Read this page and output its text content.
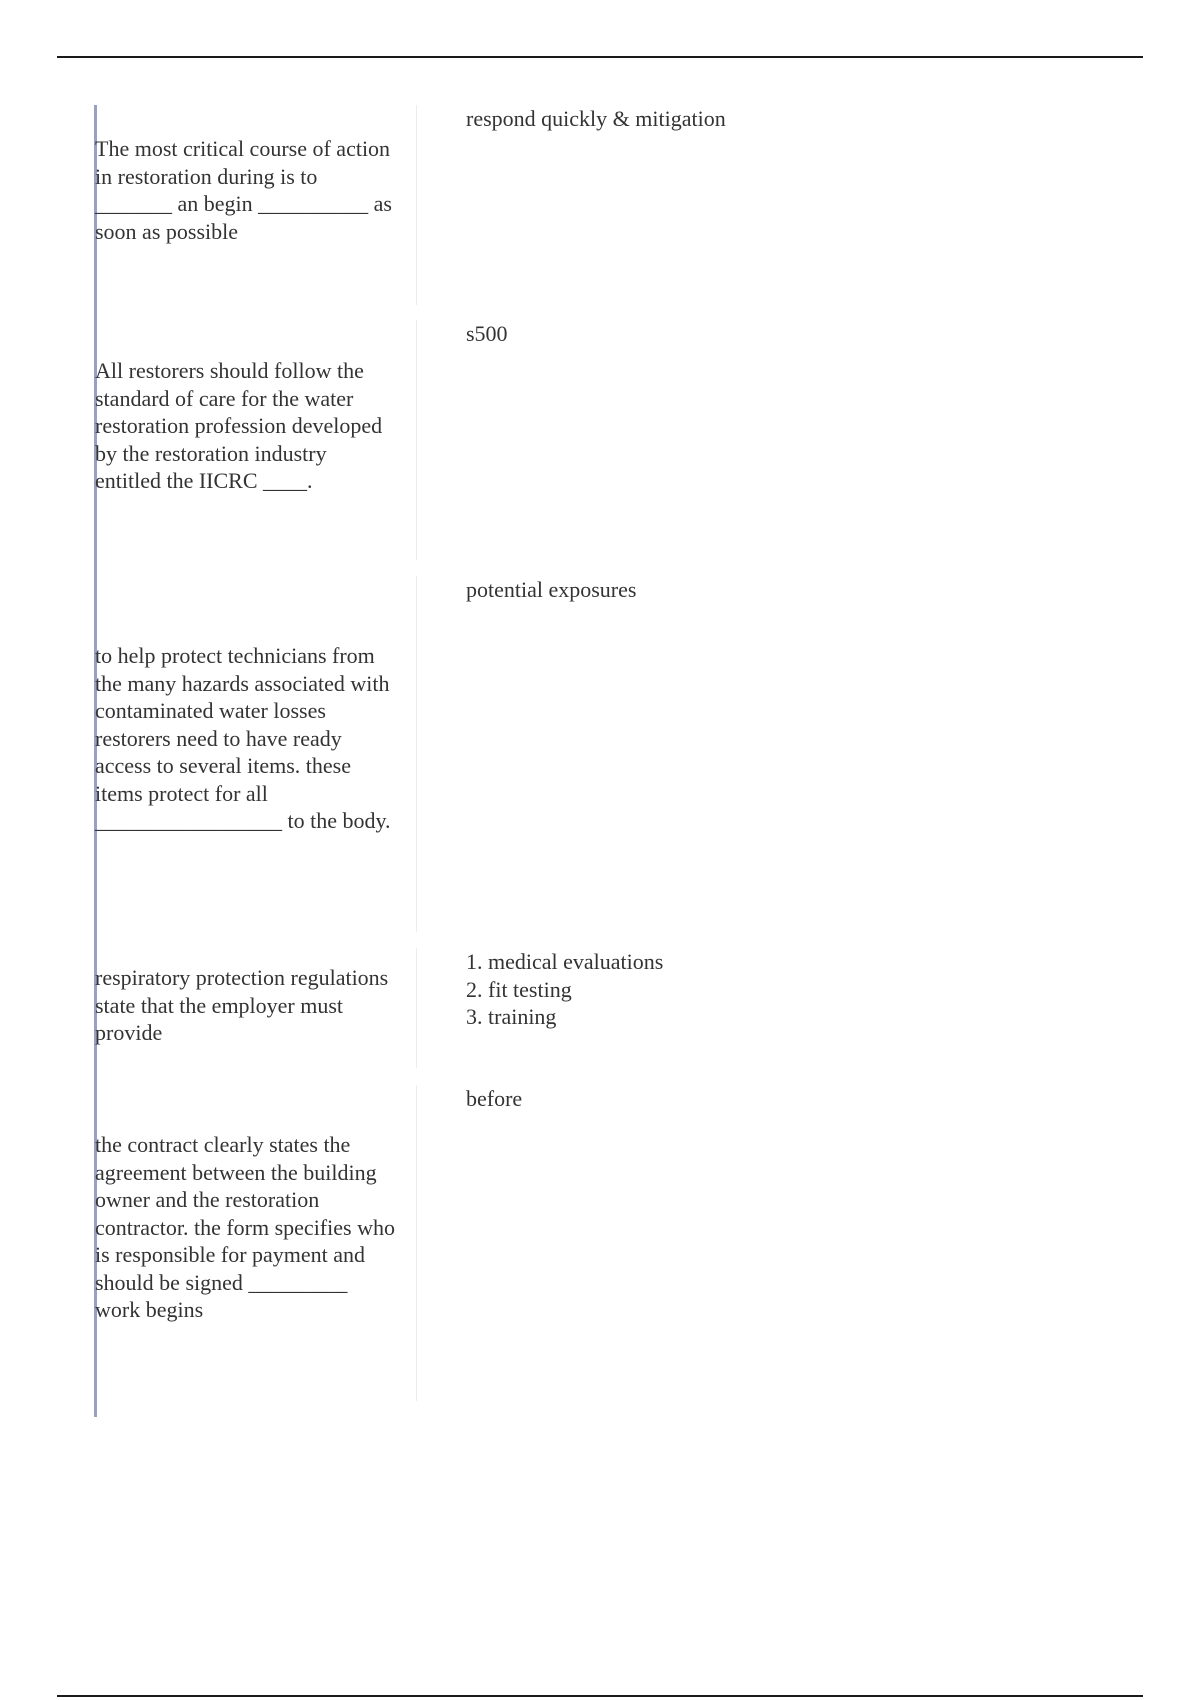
The most critical course of action in restoration during is to _______ an begin __________ as soon as possible
respond quickly & mitigation
All restorers should follow the standard of care for the water restoration profession developed by the restoration industry entitled the IICRC ____.
s500
to help protect technicians from the many hazards associated with contaminated water losses restorers need to have ready access to several items. these items protect for all _________________ to the body.
potential exposures
respiratory protection regulations state that the employer must provide
1. medical evaluations
2. fit testing
3. training
the contract clearly states the agreement between the building owner and the restoration contractor. the form specifies who is responsible for payment and should be signed _________ work begins
before
